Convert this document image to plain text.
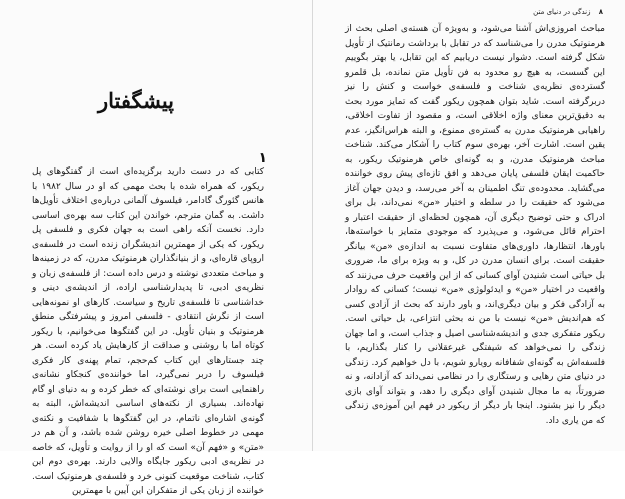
پیشگفتار
١
کتابی که در دست دارید برگزیده‌ای است از گفتگوهای پل ریکور، که همراه شده با بحث مهمی که او در سال ۱۹۸۲ با هانس گئورگ گادامر، فیلسوف آلمانی درباره‌ی اختلاف تأویل‌ها داشت. به گمان مترجم، خواندن این کتاب سه بهره‌ی اساسی دارد. نخست آنکه راهی است به جهان فکری و فلسفی پل ریکور، که یکی از مهمترین اندیشگران زنده است در فلسفه‌ی اروپای قاره‌ای، و از بنیانگذاران هرمنوتیک مدرن، که در زمینه‌ها و مباحث متعددی نوشته و درس داده است: از فلسفه‌ی زبان و نظریه‌ی ادبی، تا پدیدارشناسی اراده، از اندیشه‌ی دینی و خداشناسی تا فلسفه‌ی تاریخ و سیاست. کارهای او نمونه‌هایی است از نگرش انتقادی - فلسفی امروز و پیشرفتگی منطق هرمنوتیک و بنیان تأویل. در این گفتگوها می‌خوانیم، با ریکور کوتاه اما با روشنی و صداقت از کارهایش یاد کرده است. هر چند جستارهای این کتاب کم‌حجم، تمام پهنه‌ی کار فکری فیلسوف را دربر نمی‌گیرد، اما خواننده‌ی کنجکاو نشانه‌ی راهنمایی است برای نوشته‌ای که خطر کرده و به دنیای او گام نهاده‌اند. بسیاری از نکته‌های اساسی اندیشه‌اش، البته به گونه‌ی اشاره‌ای ناتمام، در این گفتگوها با شفافیت و نکته‌ی مهمی در خطوط اصلی خیره روشن شده باشد، و آن هم در «متن» و «فهم آن» است که او را از روایت و تأویل، که خاصه در نظریه‌ی ادبی ریکور جایگاه والایی دارند. بهره‌ی دوم این کتاب، شناخت موقعیت کنونی خرد و فلسفه‌ی هرمنوتیک است. خواننده از زبان یکی از متفکران این آیین با مهمترین
۸ زندگی در دنیای متن
مباحث امروزی‌اش آشنا می‌شود، و به‌ویژه آن هسته‌ی اصلی بحث از هرمنوتیک مدرن را می‌شناسد که در تقابل با برداشت رمانتیک از تأویل شکل گرفته است. دشوار نیست دریابیم که این تقابل، یا بهتر بگوییم این گسست، به هیچ رو محدود به فن تأویل متن نمانده، بل قلمرو گسترده‌ی نظریه‌ی شناخت و فلسفه‌ی خواست و کنش را نیز دربرگرفته است. شاید بتوان همچون ریکور گفت که تمایز مورد بحث به دقیق‌ترین معنای واژه اخلاقی است، و مقصود از تفاوت اخلاقی، راهیابی هرمنوتیک مدرن به گستره‌ی ممنوع، و البته هراس‌انگیز، عدم یقین است. اشارت آخر، بهره‌ی سوم کتاب را آشکار می‌کند. شناخت مباحث هرمنوتیک مدرن، و به گونه‌ای خاص هرمنوتیک ریکور، به حاکمیت ایقان فلسفی پایان می‌دهد و افق تازه‌ای پیش روی خواننده می‌گشاید. محدوده‌ی تنگ اطمینان به آخر می‌رسد، و دیدن جهان آغاز می‌شود که حقیقت را در سلطه و اختیار «من» نمی‌داند، بل برای ادراک و حتی توضیح دیگری آن، همچون لحظه‌ای از حقیقت اعتبار و احترام قائل می‌شود، و می‌پذیرد که موجودی متمایز با خواسته‌ها، باورها، انتظارها، داوری‌های متفاوت نسبت به اندازه‌ی «من» بیانگر حقیقت است. برای انسان مدرن در کل، و به ویژه برای ما، ضروری بل حیاتی است شنیدن آوای کسانی که از این واقعیت حرف می‌زنند که واقعیت در اختیار «من» و ایدئولوژی «من» نیست؛ کسانی که روادار به آزادگی فکر و بیان دیگری‌اند، و باور دارند که بحث از آزادی کسی که هم‌اندیش «من» نیست با من نه بحثی انتزاعی، بل حیاتی است. ریکور متفکری جدی و اندیشه‌شناسی اصیل و جذاب است، و اما جهان زندگی را نمی‌خواهد که شیفتگی غیرعقلانی را کنار بگذاریم، با فلسفه‌اش به گونه‌ای شفافانه رویارو شویم، با دل خواهیم کرد. زندگی در دنیای متن رهایی و رستگاری را در نظامی نمی‌داند که آزادانه، و نه ضرورتاً، به ما مجال شنیدن آوای دیگری را دهد، و بتواند آوای بازی دیگر را نیز بشنود. اینجا بار دیگر از ریکور در فهم این آموزه‌ی زندگی که من یاری داد.
